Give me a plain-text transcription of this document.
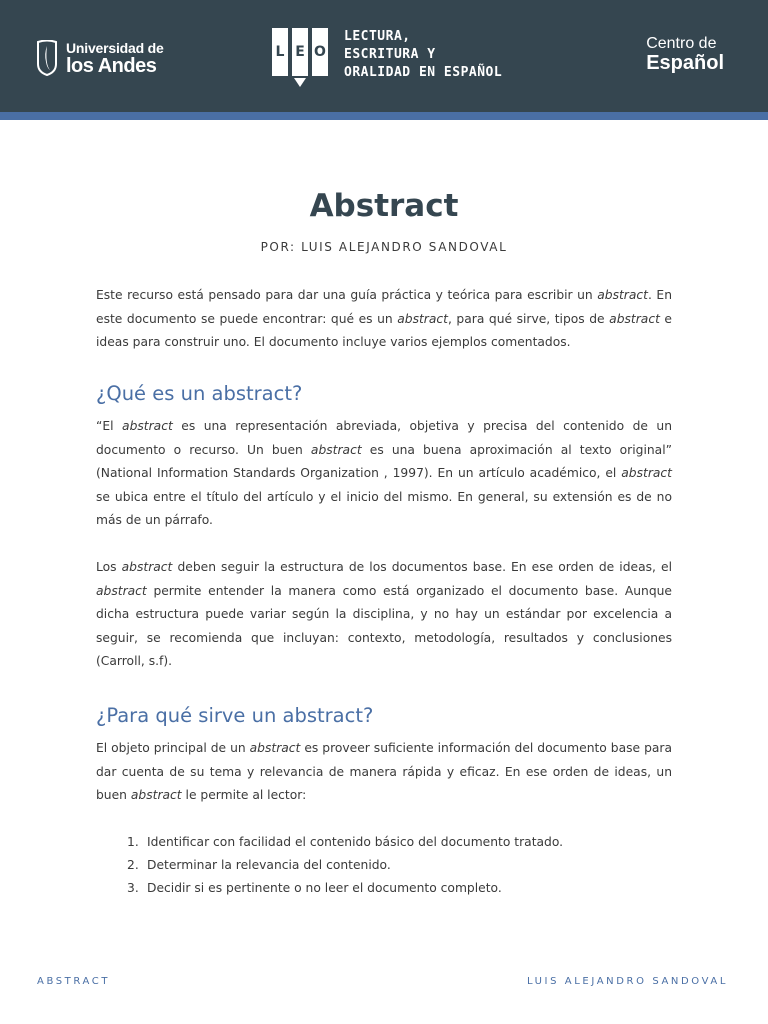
Universidad de
los Andes
L E O
LECTURA,
ESCRITURA Y
ORALIDAD EN ESPAÑOL
Centro de
Español
Abstract
POR: LUIS ALEJANDRO SANDOVAL

Este recurso está pensado para dar una guía práctica y teórica para escribir un abstract. En este documento se puede encontrar: qué es un abstract, para qué sirve, tipos de abstract e ideas para construir uno. El documento incluye varios ejemplos comentados.

¿Qué es un abstract?

“El abstract es una representación abreviada, objetiva y precisa del contenido de un documento o recurso. Un buen abstract es una buena aproximación al texto original” (National Information Standards Organization , 1997). En un artículo académico, el abstract se ubica entre el título del artículo y el inicio del mismo. En general, su extensión es de no más de un párrafo.

Los abstract deben seguir la estructura de los documentos base. En ese orden de ideas, el abstract permite entender la manera como está organizado el documento base. Aunque dicha estructura puede variar según la disciplina, y no hay un estándar por excelencia a seguir, se recomienda que incluyan: contexto, metodología, resultados y conclusiones (Carroll, s.f).

¿Para qué sirve un abstract?

El objeto principal de un abstract es proveer suficiente información del documento base para dar cuenta de su tema y relevancia de manera rápida y eficaz. En ese orden de ideas, un buen abstract le permite al lector:

1. Identificar con facilidad el contenido básico del documento tratado.
2. Determinar la relevancia del contenido.
3. Decidir si es pertinente o no leer el documento completo.
ABSTRACT	LUIS ALEJANDRO SANDOVAL
